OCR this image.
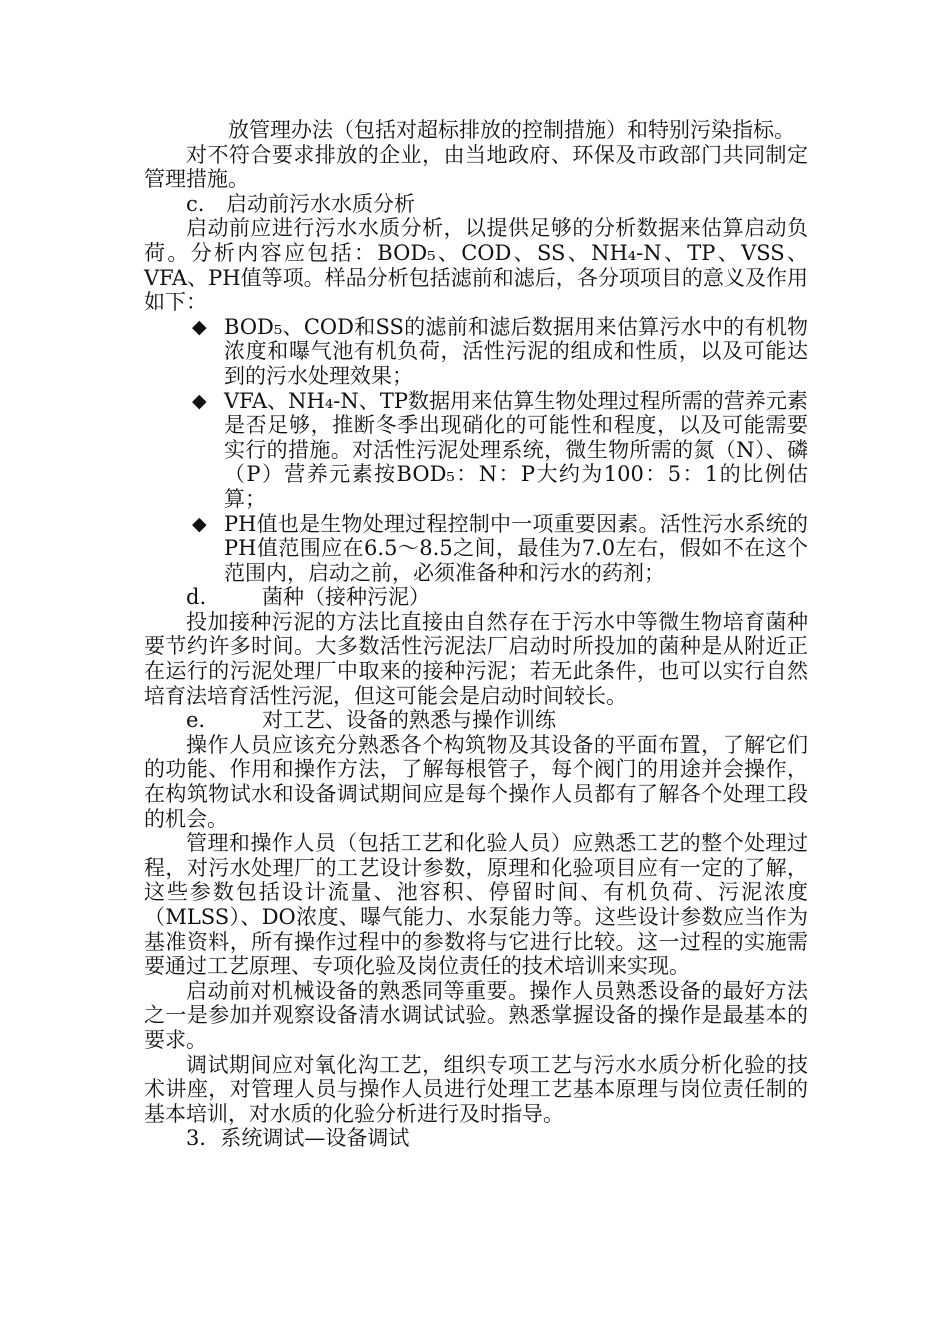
放管理办法（包括对超标排放的控制措施）和特别污染指标。

对不符合要求排放的企业，由当地政府、环保及市政部门共同制定管理措施。

c. 启动前污水水质分析

启动前应进行污水水质分析，以提供足够的分析数据来估算启动负荷。分析内容应包括：BOD₅、COD、SS、NH₄-N、TP、VSS、VFA、PH值等项。样品分析包括滤前和滤后，各分项项目的意义及作用如下：

◆ BOD₅、COD和SS的滤前和滤后数据用来估算污水中的有机物浓度和曝气池有机负荷，活性污泥的组成和性质，以及可能达到的污水处理效果；
◆ VFA、NH₄-N、TP数据用来估算生物处理过程所需的营养元素是否足够，推断冬季出现硝化的可能性和程度，以及可能需要实行的措施。对活性污泥处理系统，微生物所需的氮（N）、磷（P）营养元素按BOD₅：N：P大约为100：5：1的比例估算；
◆ PH值也是生物处理过程控制中一项重要因素。活性污水系统的PH值范围应在6.5～8.5之间，最佳为7.0左右，假如不在这个范围内，启动之前，必须准备种和污水的药剂；
d.	菌种（接种污泥）

投加接种污泥的方法比直接由自然存在于污水中等微生物培育菌种要节约许多时间。大多数活性污泥法厂启动时所投加的菌种是从附近正在运行的污泥处理厂中取来的接种污泥；若无此条件，也可以实行自然培育法培育活性污泥，但这可能会是启动时间较长。

e.	对工艺、设备的熟悉与操作训练

操作人员应该充分熟悉各个构筑物及其设备的平面布置，了解它们的功能、作用和操作方法，了解每根管子，每个阀门的用途并会操作，在构筑物试水和设备调试期间应是每个操作人员都有了解各个处理工段的机会。

管理和操作人员（包括工艺和化验人员）应熟悉工艺的整个处理过程，对污水处理厂的工艺设计参数，原理和化验项目应有一定的了解，这些参数包括设计流量、池容积、停留时间、有机负荷、污泥浓度（MLSS）、DO浓度、曝气能力、水泵能力等。这些设计参数应当作为基准资料，所有操作过程中的参数将与它进行比较。这一过程的实施需要通过工艺原理、专项化验及岗位责任的技术培训来实现。

启动前对机械设备的熟悉同等重要。操作人员熟悉设备的最好方法之一是参加并观察设备清水调试试验。熟悉掌握设备的操作是最基本的要求。

调试期间应对氧化沟工艺，组织专项工艺与污水水质分析化验的技术讲座，对管理人员与操作人员进行处理工艺基本原理与岗位责任制的基本培训，对水质的化验分析进行及时指导。

3．系统调试—设备调试
